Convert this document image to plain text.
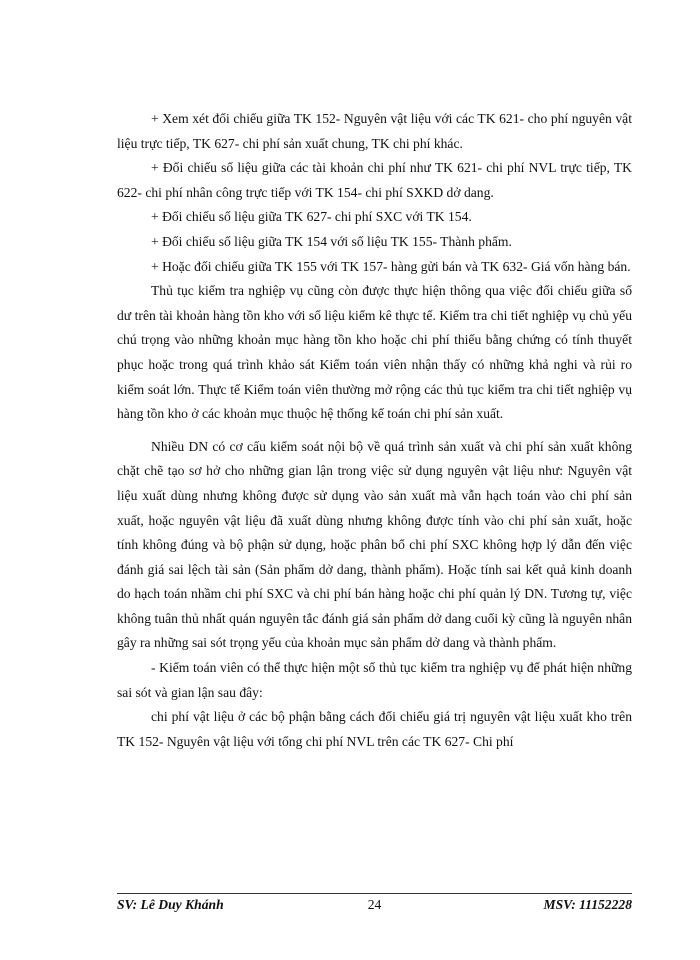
+ Xem xét đối chiếu giữa TK 152- Nguyên vật liệu với các TK 621- cho phí nguyên vật liệu trực tiếp, TK 627- chi phí sản xuất chung, TK chi phí khác.

+ Đối chiếu số liệu giữa các tài khoản chi phí như TK 621- chi phí NVL trực tiếp, TK 622- chi phí nhân công trực tiếp với TK 154- chi phí SXKD dở dang.

+ Đối chiếu số liệu giữa TK 627- chi phí SXC với TK 154.

+ Đối chiếu số liệu giữa TK 154 với số liệu TK 155- Thành phẩm.

+ Hoặc đối chiếu giữa TK 155 với TK 157- hàng gửi bán và TK 632- Giá vốn hàng bán.

Thủ tục kiểm tra nghiệp vụ cũng còn được thực hiện thông qua việc đối chiếu giữa số dư trên tài khoản hàng tồn kho với số liệu kiểm kê thực tế. Kiểm tra chi tiết nghiệp vụ chủ yếu chú trọng vào những khoản mục hàng tồn kho hoặc chi phí thiếu bằng chứng có tính thuyết phục hoặc trong quá trình khảo sát Kiểm toán viên nhận thấy có những khả nghi và rủi ro kiểm soát lớn. Thực tế Kiểm toán viên thường mở rộng các thủ tục kiểm tra chi tiết nghiệp vụ hàng tồn kho ở các khoản mục thuộc hệ thống kế toán chi phí sản xuất.

Nhiều DN có cơ cấu kiểm soát nội bộ về quá trình sản xuất và chi phí sản xuất không chặt chẽ tạo sơ hở cho những gian lận trong việc sử dụng nguyên vật liệu như: Nguyên vật liệu xuất dùng nhưng không được sử dụng vào sản xuất mà vẫn hạch toán vào chi phí sản xuất, hoặc nguyên vật liệu đã xuất dùng nhưng không được tính vào chi phí sản xuất, hoặc tính không đúng và bộ phận sử dụng, hoặc phân bổ chi phí SXC không hợp lý dẫn đến việc đánh giá sai lệch tài sản (Sản phẩm dở dang, thành phẩm). Hoặc tính sai kết quả kinh doanh do hạch toán nhầm chi phí SXC và chi phí bán hàng hoặc chi phí quản lý DN. Tương tự, việc không tuân thủ nhất quán nguyên tắc đánh giá sản phẩm dở dang cuối kỳ cũng là nguyên nhân gây ra những sai sót trọng yếu của khoản mục sản phẩm dở dang và thành phẩm.

- Kiểm toán viên có thể thực hiện một số thủ tục kiểm tra nghiệp vụ để phát hiện những sai sót và gian lận sau đây:

chi phí vật liệu ở các bộ phận bằng cách đối chiếu giá trị nguyên vật liệu xuất kho trên TK 152- Nguyên vật liệu với tổng chi phí NVL trên các TK 627- Chi phí

SV: Lê Duy Khánh	24	MSV: 11152228
